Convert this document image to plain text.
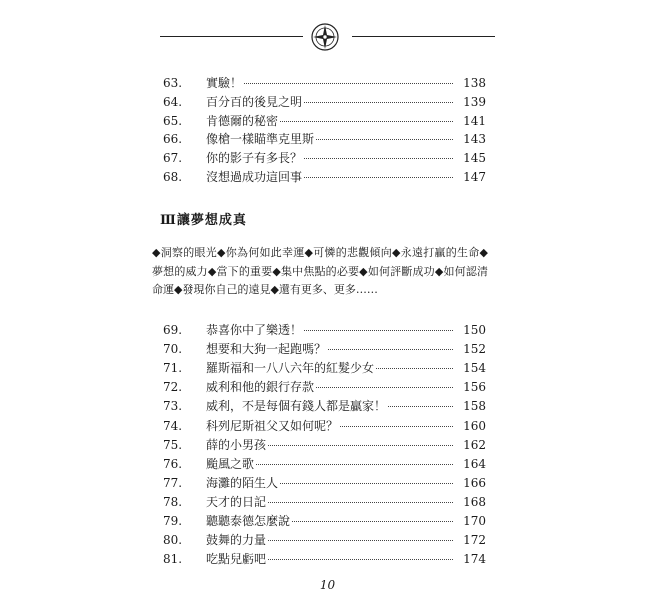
63.	實驗！	138
64.	百分百的後見之明	139
65.	肯德爾的秘密	141
66.	像槍一樣瞄準克里斯	143
67.	你的影子有多長？	145
68.	沒想過成功這回事	147
Ⅲ讓夢想成真
◆洞察的眼光◆你為何如此幸運◆可憐的悲觀傾向◆永遠打贏的生命◆夢想的威力◆當下的重要◆集中焦點的必要◆如何評斷成功◆如何認清命運◆發現你自己的遠見◆還有更多、更多……
69.	恭喜你中了樂透！	150
70.	想要和大狗一起跑嗎？	152
71.	羅斯福和一八八六年的紅髮少女	154
72.	威利和他的銀行存款	156
73.	威利，不是每個有錢人都是贏家！	158
74.	科列尼斯祖父又如何呢？	160
75.	薛的小男孩	162
76.	颱風之歌	164
77.	海灘的陌生人	166
78.	天才的日記	168
79.	聽聽泰德怎麼說	170
80.	鼓舞的力量	172
81.	吃點兒虧吧	174
10
